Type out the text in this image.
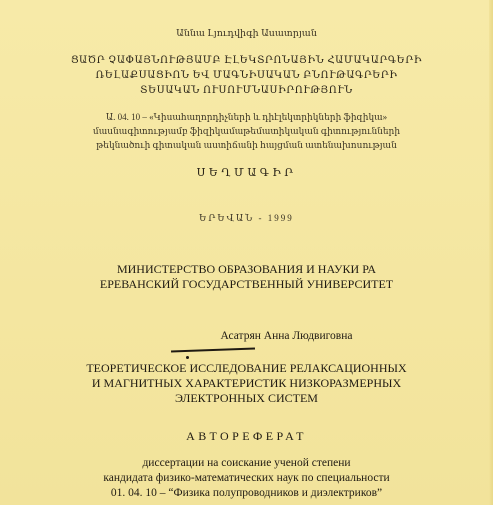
Աննա Լյուդվիգի Ասատրյան
ՑԱԾՐ ՉԱՓԱՅՆՈՒԹՅԱՄԲ ԷԼԵԿՏՐՈՆԱՅԻՆ ՀԱՄԱԿԱՐԳԵՐԻ
ՌԵԼԱՔՍԱՑԻՈՆ ԵՎ ՄԱԳՆԻՍԱԿԱՆ ԲՆՈՒԹԱԳՐԵՐԻ
ՏԵՍԱԿԱՆ ՈՒՍՈՒՄՆԱՍԻՐՈՒԹՅՈՒՆ
Ա. 04. 10 – «Կիսահաղորդիչների և դիէլեկտրիկների ֆիզիկա»
մասնագիտությամբ ֆիզիկամաթեմատիկական գիտությունների
թեկնածուի գիտական աստիճանի հայցման ատենախոսության
ՍԵՂՄԱԳԻՐ
ԵՐԵՎԱՆ - 1999
МИНИСТЕРСТВО ОБРАЗОВАНИЯ И НАУКИ РА
ЕРЕВАНСКИЙ ГОСУДАРСТВЕННЫЙ УНИВЕРСИТЕТ
Асатрян Анна Людвиговна
ТЕОРЕТИЧЕСКОЕ ИССЛЕДОВАНИЕ РЕЛАКСАЦИОННЫХ
И МАГНИТНЫХ ХАРАКТЕРИСТИК НИЗКОРАЗМЕРНЫХ
ЭЛЕКТРОННЫХ СИСТЕМ
АВТОРЕФЕРАТ
диссертации на соискание ученой степени
кандидата физико-математических наук по специальности
01. 04. 10 – “Физика полупроводников и диэлектриков”
